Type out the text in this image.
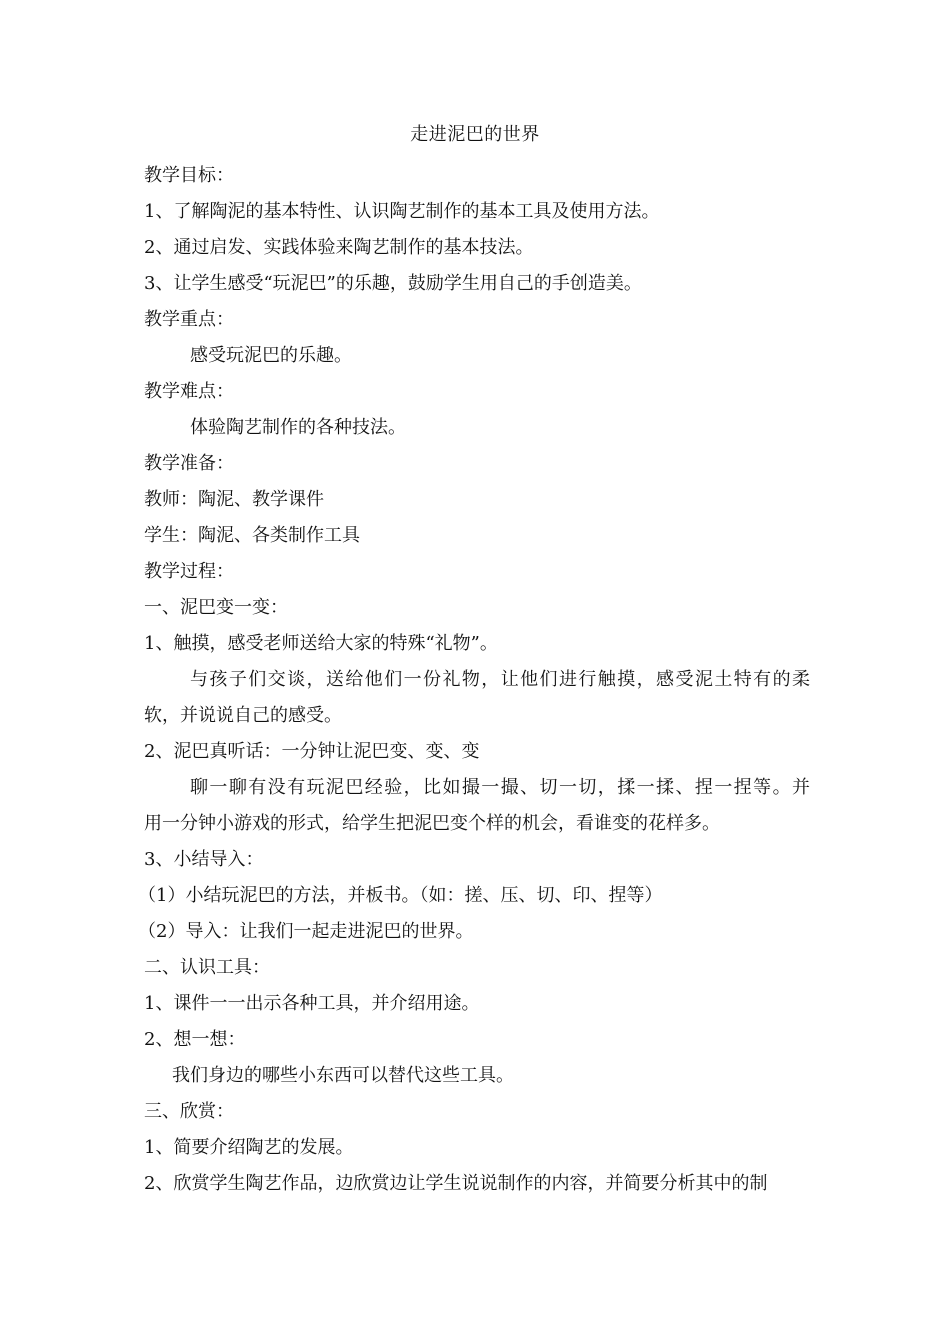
走进泥巴的世界
教学目标：
1、了解陶泥的基本特性、认识陶艺制作的基本工具及使用方法。
2、通过启发、实践体验来陶艺制作的基本技法。
3、让学生感受“玩泥巴”的乐趣，鼓励学生用自己的手创造美。
教学重点：
感受玩泥巴的乐趣。
教学难点：
体验陶艺制作的各种技法。
教学准备：
教师：陶泥、教学课件
学生：陶泥、各类制作工具
教学过程：
一、泥巴变一变：
1、触摸，感受老师送给大家的特殊“礼物”。
与孩子们交谈，送给他们一份礼物，让他们进行触摸，感受泥土特有的柔
软，并说说自己的感受。
2、泥巴真听话：一分钟让泥巴变、变、变
聊一聊有没有玩泥巴经验，比如撮一撮、切一切，揉一揉、捏一捏等。并
用一分钟小游戏的形式，给学生把泥巴变个样的机会，看谁变的花样多。
3、小结导入：
（1）小结玩泥巴的方法，并板书。（如：搓、压、切、印、捏等）
（2）导入：让我们一起走进泥巴的世界。
二、认识工具：
1、课件一一出示各种工具，并介绍用途。
2、想一想：
我们身边的哪些小东西可以替代这些工具。
三、欣赏：
1、简要介绍陶艺的发展。
2、欣赏学生陶艺作品，边欣赏边让学生说说制作的内容，并简要分析其中的制
